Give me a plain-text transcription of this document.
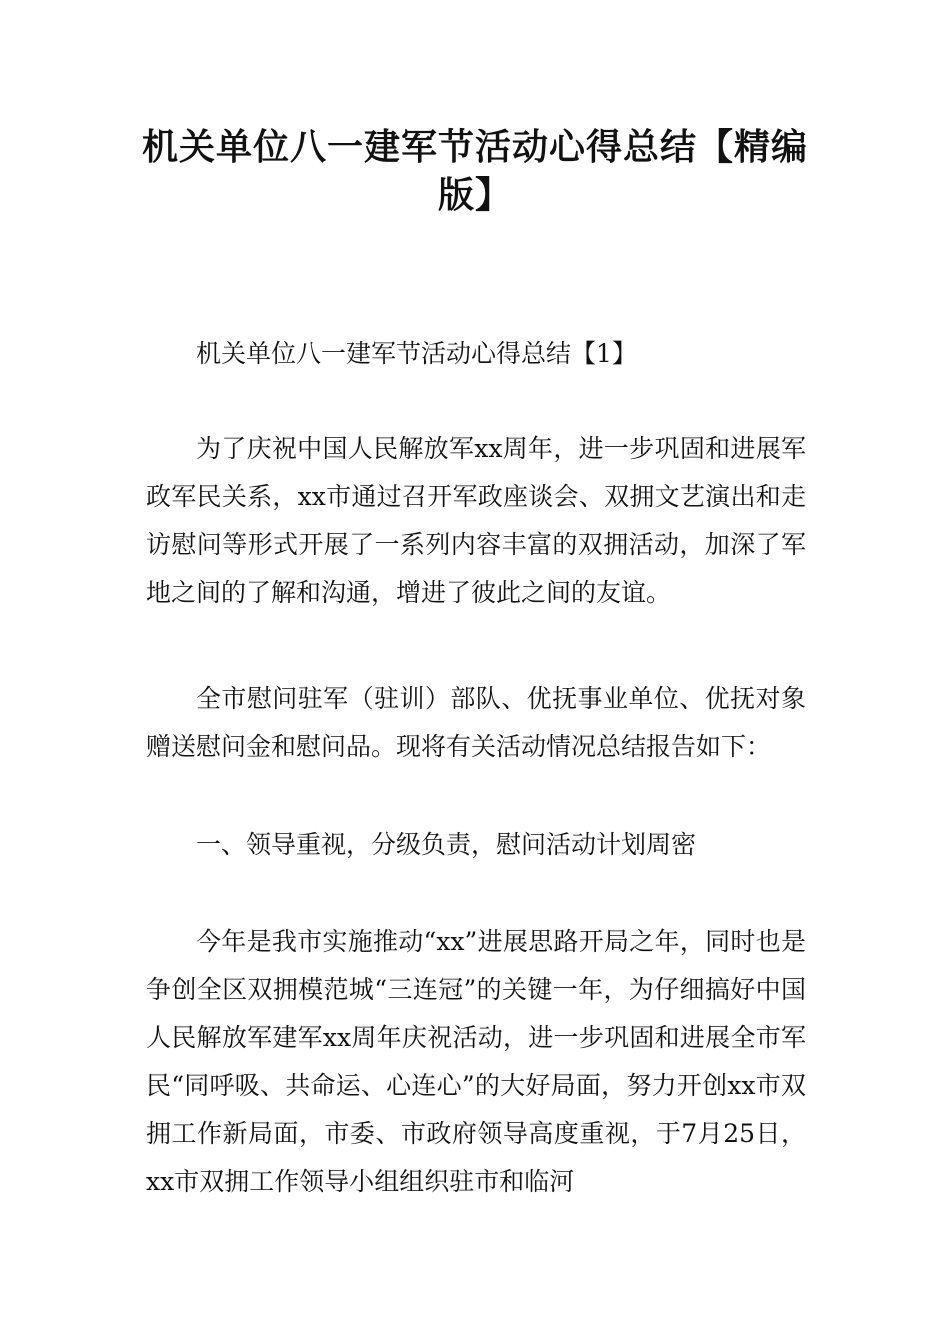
机关单位八一建军节活动心得总结【精编版】

机关单位八一建军节活动心得总结【1】

为了庆祝中国人民解放军xx周年，进一步巩固和进展军政军民关系，xx市通过召开军政座谈会、双拥文艺演出和走访慰问等形式开展了一系列内容丰富的双拥活动，加深了军地之间的了解和沟通，增进了彼此之间的友谊。

全市慰问驻军（驻训）部队、优抚事业单位、优抚对象赠送慰问金和慰问品。现将有关活动情况总结报告如下：

一、领导重视，分级负责，慰问活动计划周密

今年是我市实施推动“xx”进展思路开局之年，同时也是争创全区双拥模范城“三连冠”的关键一年，为仔细搞好中国人民解放军建军xx周年庆祝活动，进一步巩固和进展全市军民“同呼吸、共命运、心连心”的大好局面，努力开创xx市双拥工作新局面，市委、市政府领导高度重视，于7月25日，xx市双拥工作领导小组组织驻市和临河
